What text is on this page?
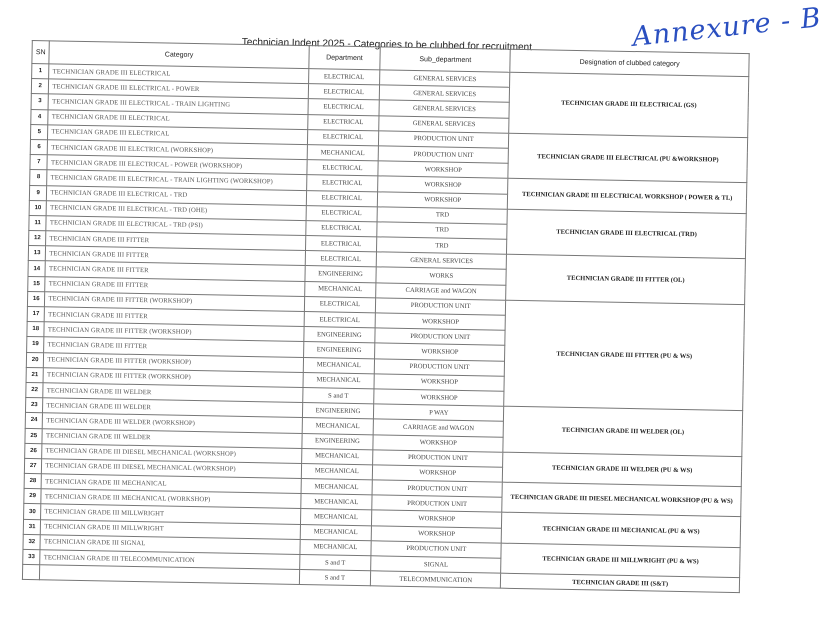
Technician Indent 2025 - Categories to be clubbed for recruitment
SN	Category	Department	Sub_department	Designation of clubbed category
1	TECHNICIAN GRADE III ELECTRICAL	ELECTRICAL	GENERAL SERVICES	TECHNICIAN GRADE III ELECTRICAL (GS)
2	TECHNICIAN GRADE III ELECTRICAL - POWER	ELECTRICAL	GENERAL SERVICES	
3	TECHNICIAN GRADE III ELECTRICAL - TRAIN LIGHTING	ELECTRICAL	GENERAL SERVICES	
4	TECHNICIAN GRADE III ELECTRICAL	ELECTRICAL	GENERAL SERVICES	
5	TECHNICIAN GRADE III ELECTRICAL	ELECTRICAL	PRODUCTION UNIT	TECHNICIAN GRADE III ELECTRICAL (PU &WORKSHOP)
6	TECHNICIAN GRADE III ELECTRICAL (WORKSHOP)	MECHANICAL	PRODUCTION UNIT	
7	TECHNICIAN GRADE III ELECTRICAL - POWER (WORKSHOP)	ELECTRICAL	WORKSHOP	
8	TECHNICIAN GRADE III ELECTRICAL - TRAIN LIGHTING (WORKSHOP)	ELECTRICAL	WORKSHOP	TECHNICIAN GRADE III ELECTRICAL WORKSHOP ( POWER & TL)
9	TECHNICIAN GRADE III ELECTRICAL - TRD	ELECTRICAL	WORKSHOP	
10	TECHNICIAN GRADE III ELECTRICAL - TRD (OHE)	ELECTRICAL	TRD	TECHNICIAN GRADE III ELECTRICAL (TRD)
11	TECHNICIAN GRADE III ELECTRICAL - TRD (PSI)	ELECTRICAL	TRD	
12	TECHNICIAN GRADE III FITTER	ELECTRICAL	TRD	
13	TECHNICIAN GRADE III FITTER	ELECTRICAL	GENERAL SERVICES	TECHNICIAN GRADE III FITTER (OL)
14	TECHNICIAN GRADE III FITTER	ENGINEERING	WORKS	
15	TECHNICIAN GRADE III FITTER	MECHANICAL	CARRIAGE and WAGON	
16	TECHNICIAN GRADE III FITTER (WORKSHOP)	ELECTRICAL	PRODUCTION UNIT	TECHNICIAN GRADE III FITTER (PU & WS)
17	TECHNICIAN GRADE III FITTER	ELECTRICAL	WORKSHOP	
18	TECHNICIAN GRADE III FITTER (WORKSHOP)	ENGINEERING	PRODUCTION UNIT	
19	TECHNICIAN GRADE III FITTER	ENGINEERING	WORKSHOP	
20	TECHNICIAN GRADE III FITTER (WORKSHOP)	MECHANICAL	PRODUCTION UNIT	
21	TECHNICIAN GRADE III FITTER (WORKSHOP)	MECHANICAL	WORKSHOP	
22	TECHNICIAN GRADE III WELDER	S and T	WORKSHOP	
23	TECHNICIAN GRADE III WELDER	ENGINEERING	P WAY	TECHNICIAN GRADE III WELDER (OL)
24	TECHNICIAN GRADE III WELDER (WORKSHOP)	MECHANICAL	CARRIAGE and WAGON	
25	TECHNICIAN GRADE III WELDER	ENGINEERING	WORKSHOP	
26	TECHNICIAN GRADE III DIESEL MECHANICAL (WORKSHOP)	MECHANICAL	PRODUCTION UNIT	TECHNICIAN GRADE III WELDER (PU & WS)
27	TECHNICIAN GRADE III DIESEL MECHANICAL (WORKSHOP)	MECHANICAL	WORKSHOP	
28	TECHNICIAN GRADE III MECHANICAL	MECHANICAL	PRODUCTION UNIT	TECHNICIAN GRADE III DIESEL MECHANICAL WORKSHOP (PU & WS)
29	TECHNICIAN GRADE III MECHANICAL (WORKSHOP)	MECHANICAL	PRODUCTION UNIT	
30	TECHNICIAN GRADE III MILLWRIGHT	MECHANICAL	WORKSHOP	TECHNICIAN GRADE III MECHANICAL (PU & WS)
31	TECHNICIAN GRADE III MILLWRIGHT	MECHANICAL	WORKSHOP	
32	TECHNICIAN GRADE III SIGNAL	MECHANICAL	PRODUCTION UNIT	TECHNICIAN GRADE III MILLWRIGHT (PU & WS)
33	TECHNICIAN GRADE III TELECOMMUNICATION	S and T	SIGNAL	
		S and T	TELECOMMUNICATION	TECHNICIAN GRADE III (S&T)
Annexure - B
